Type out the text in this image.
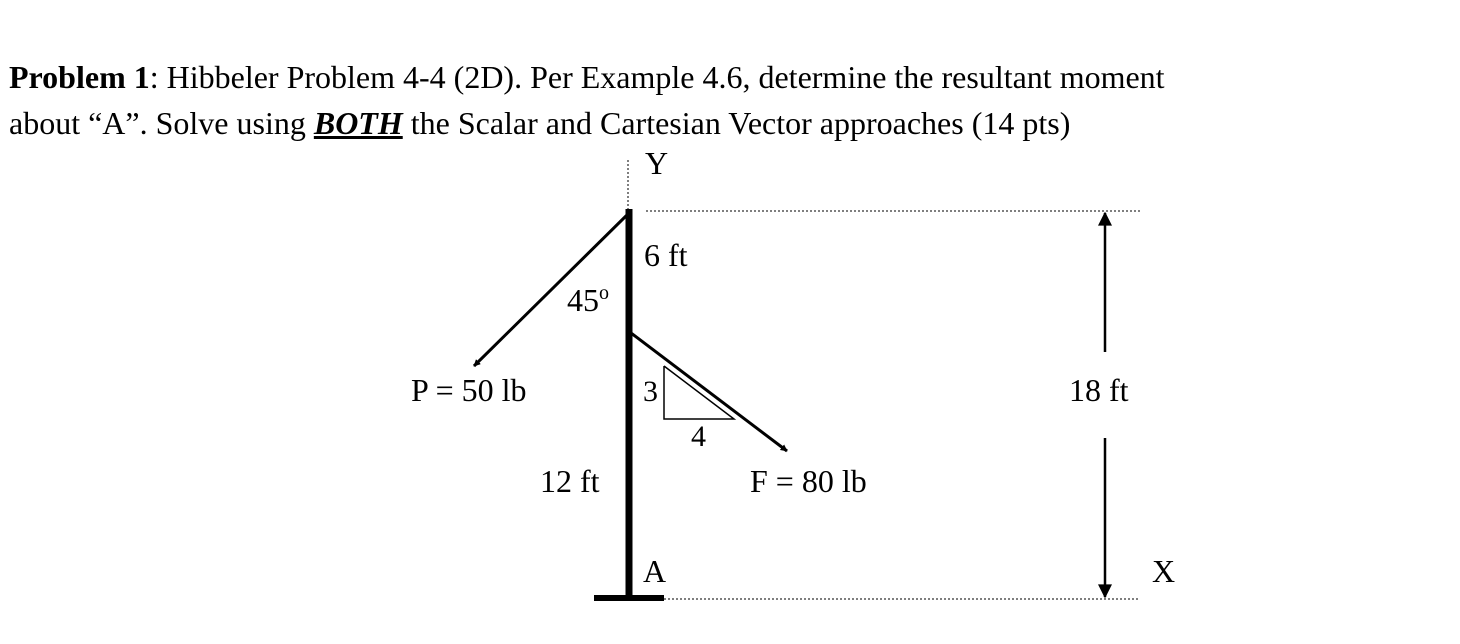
Problem 1: Hibbeler Problem 4-4 (2D). Per Example 4.6, determine the resultant moment
about “A”. Solve using BOTH the Scalar and Cartesian Vector approaches (14 pts)
Y
X
A
6 ft
12 ft
18 ft
45$^o$
P = 50 lb
F = 80 lb
3
4
